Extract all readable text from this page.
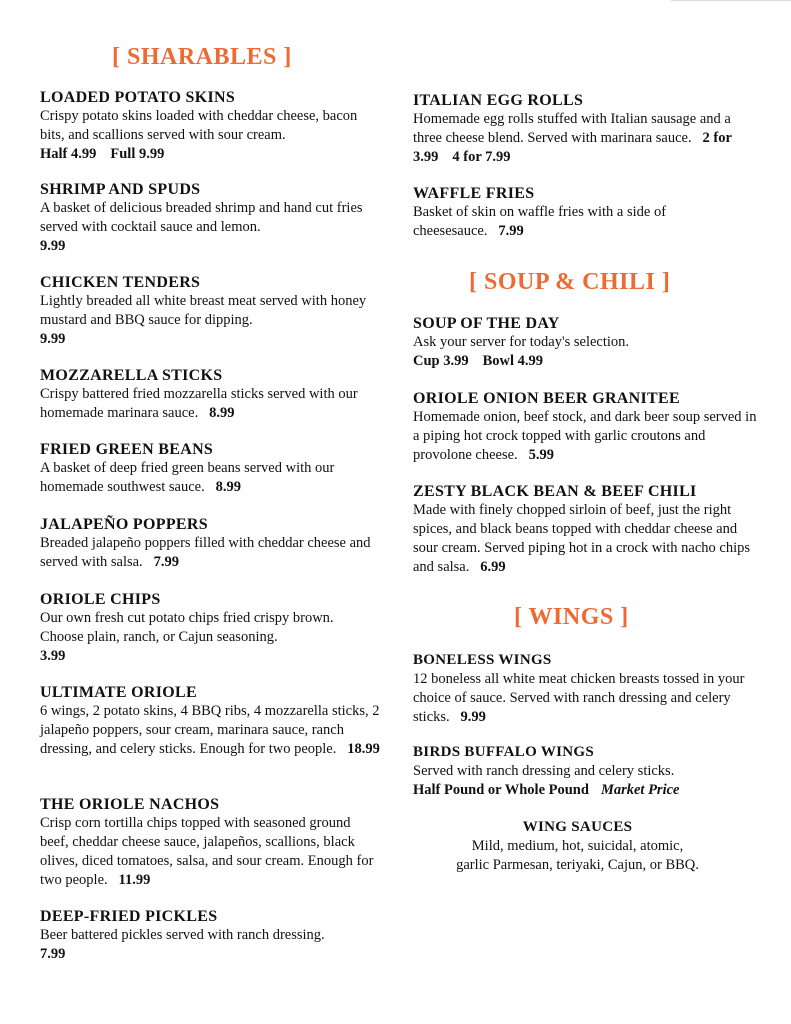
[ SHARABLES ]
LOADED POTATO SKINS
Crispy potato skins loaded with cheddar cheese, bacon bits, and scallions served with sour cream.
Half 4.99 Full 9.99
SHRIMP AND SPUDS
A basket of delicious breaded shrimp and hand cut fries served with cocktail sauce and lemon.
9.99
CHICKEN TENDERS
Lightly breaded all white breast meat served with honey mustard and BBQ sauce for dipping.
9.99
MOZZARELLA STICKS
Crispy battered fried mozzarella sticks served with our homemade marinara sauce. 8.99
FRIED GREEN BEANS
A basket of deep fried green beans served with our homemade southwest sauce. 8.99
JALAPEÑO POPPERS
Breaded jalapeño poppers filled with cheddar cheese and served with salsa. 7.99
ORIOLE CHIPS
Our own fresh cut potato chips fried crispy brown. Choose plain, ranch, or Cajun seasoning.
3.99
ULTIMATE ORIOLE
6 wings, 2 potato skins, 4 BBQ ribs, 4 mozzarella sticks, 2 jalapeño poppers, sour cream, marinara sauce, ranch dressing, and celery sticks. Enough for two people. 18.99
THE ORIOLE NACHOS
Crisp corn tortilla chips topped with seasoned ground beef, cheddar cheese sauce, jalapeños, scallions, black olives, diced tomatoes, salsa, and sour cream. Enough for two people. 11.99
DEEP-FRIED PICKLES
Beer battered pickles served with ranch dressing.
7.99
ITALIAN EGG ROLLS
Homemade egg rolls stuffed with Italian sausage and a three cheese blend. Served with marinara sauce. 2 for 3.99 4 for 7.99
WAFFLE FRIES
Basket of skin on waffle fries with a side of cheesesauce. 7.99
[ SOUP & CHILI ]
SOUP OF THE DAY
Ask your server for today's selection.
Cup 3.99 Bowl 4.99
ORIOLE ONION BEER GRANITEE
Homemade onion, beef stock, and dark beer soup served in a piping hot crock topped with garlic croutons and provolone cheese. 5.99
ZESTY BLACK BEAN & BEEF CHILI
Made with finely chopped sirloin of beef, just the right spices, and black beans topped with cheddar cheese and sour cream. Served piping hot in a crock with nacho chips and salsa. 6.99
[ WINGS ]
BONELESS WINGS
12 boneless all white meat chicken breasts tossed in your choice of sauce. Served with ranch dressing and celery sticks. 9.99
BIRDS BUFFALO WINGS
Served with ranch dressing and celery sticks.
Half Pound or Whole Pound Market Price
WING SAUCES
Mild, medium, hot, suicidal, atomic,
garlic Parmesan, teriyaki, Cajun, or BBQ.
